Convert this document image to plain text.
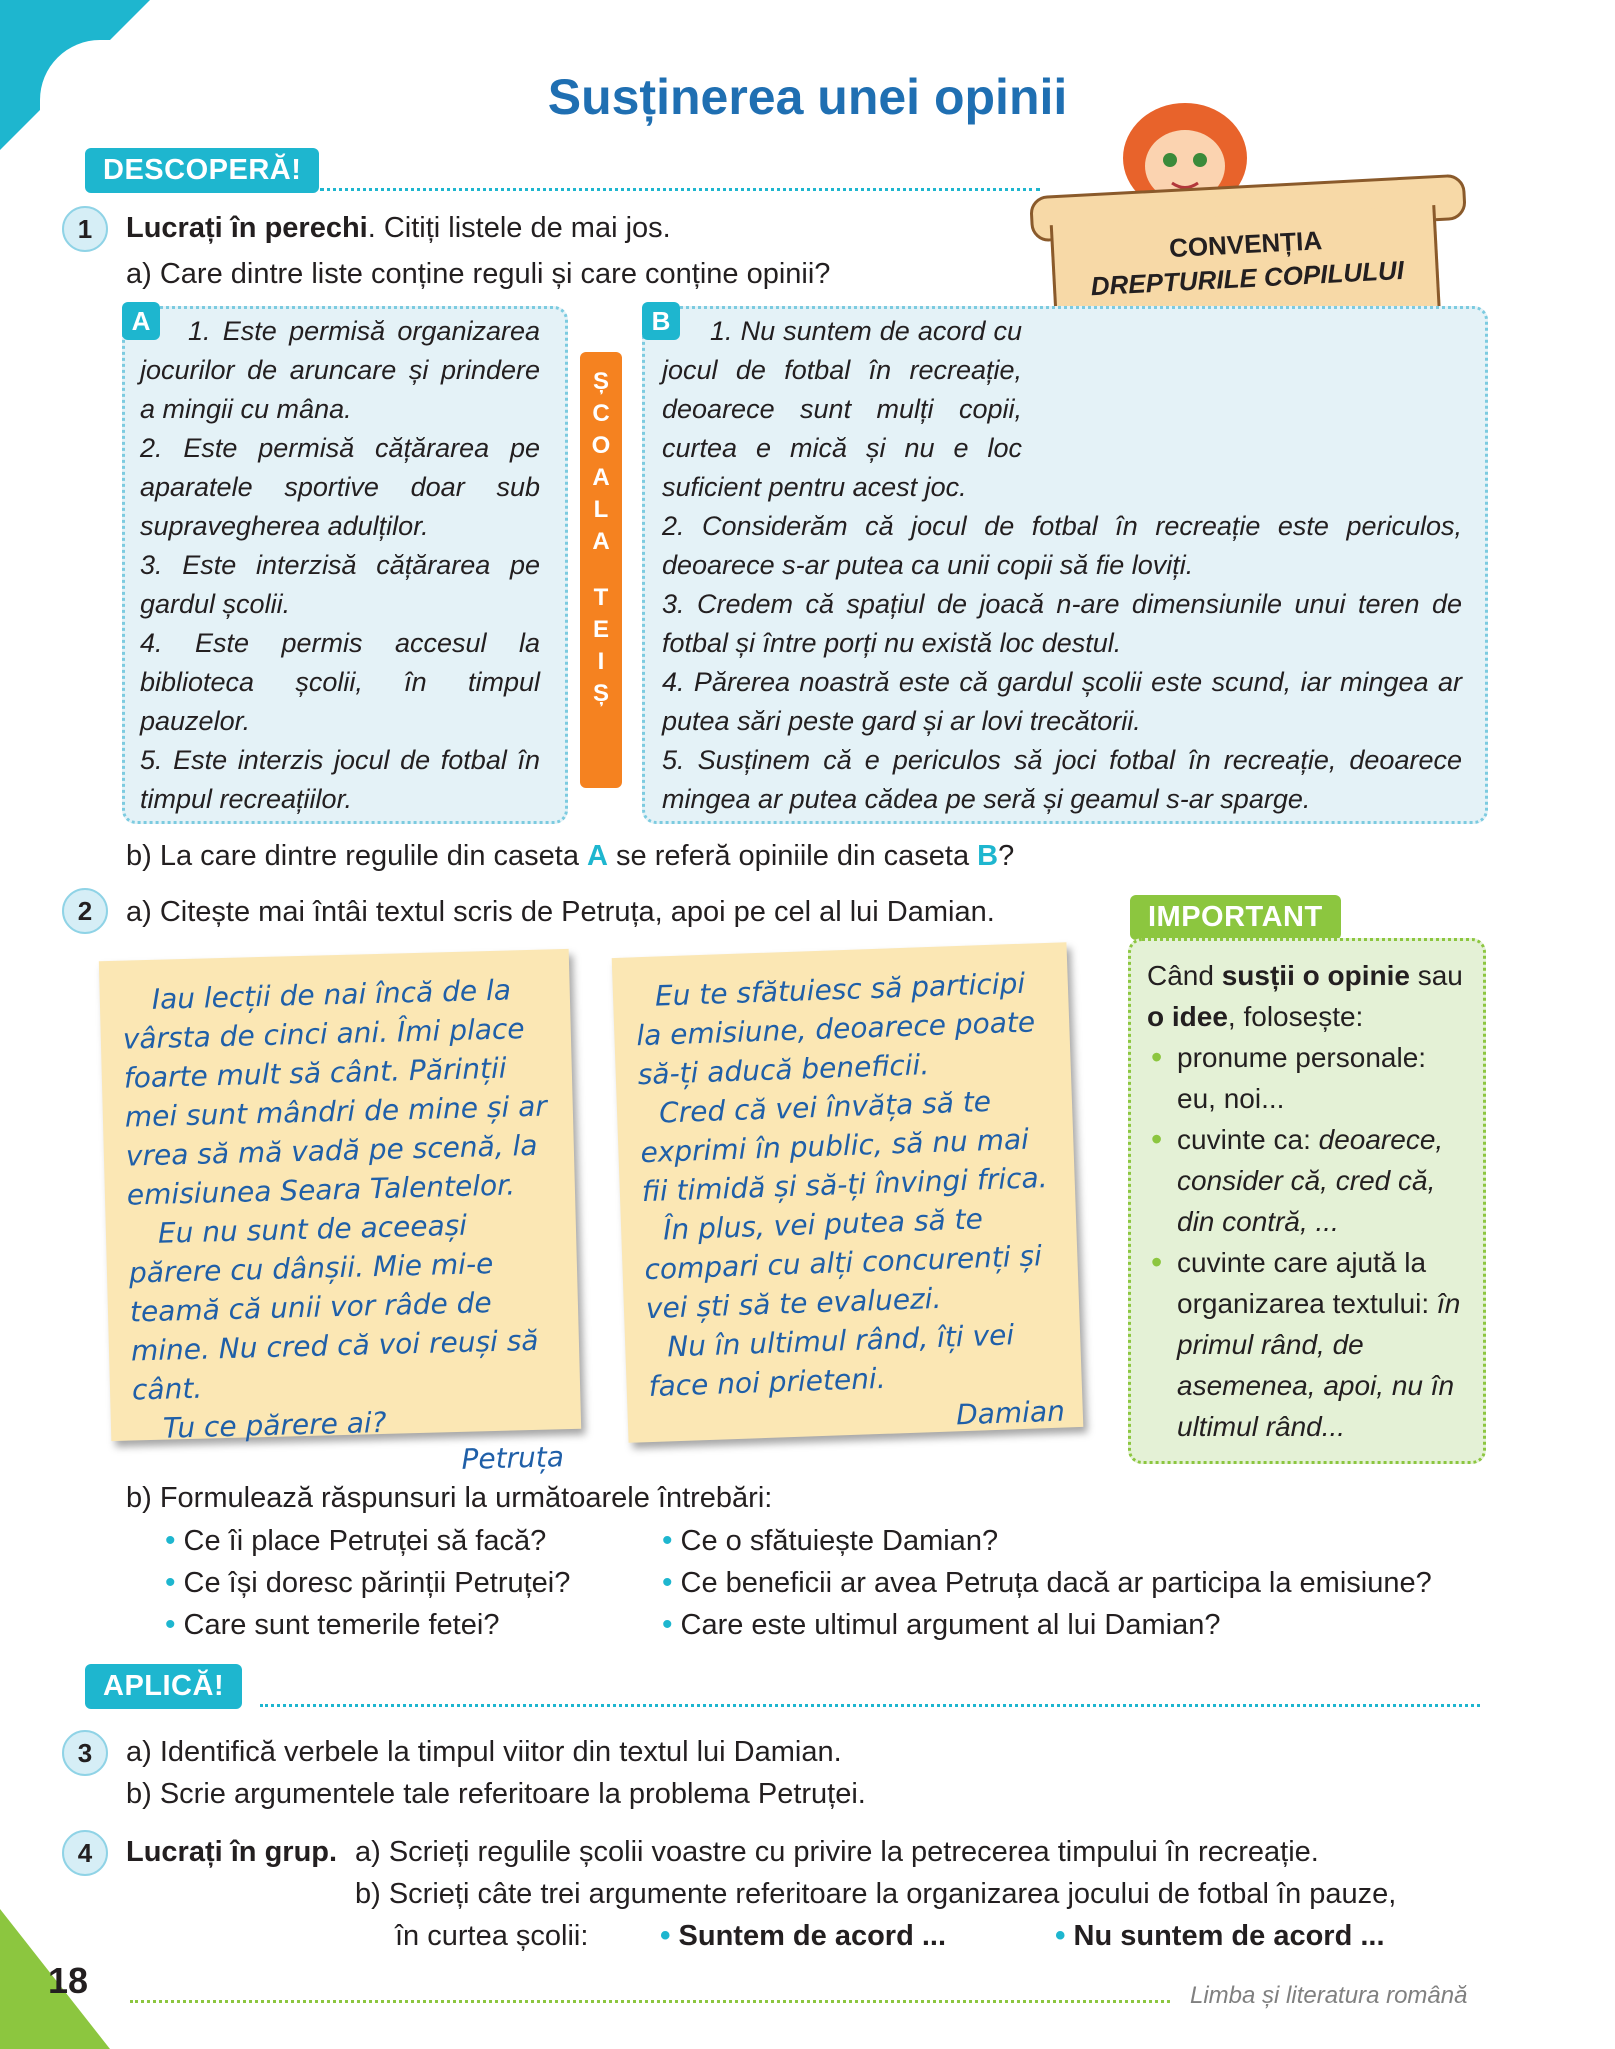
Susținerea unei opinii
CONVENȚIA
DREPTURILE COPILULUI
DESCOPERĂ!
1	Lucrați în perechi. Citiți listele de mai jos.
a) Care dintre liste conține reguli și care conține opinii?
A	1. Este permisă organizarea jocurilor de aruncare și prindere a mingii cu mâna.

2. Este permisă cățărarea pe aparatele sportive doar sub supravegherea adulților.

3. Este interzisă cățărarea pe gardul școlii.

4. Este permis accesul la biblioteca școlii, în timpul pauzelor.

5. Este interzis jocul de fotbal în timpul recreațiilor.

Ș
C
O
A
L
A
T
E
I
Ș
B	1. Nu suntem de acord cu jocul de fotbal în recreație, deoarece sunt mulți copii, curtea e mică și nu e loc suficient pentru acest joc.

2. Considerăm că jocul de fotbal în recreație este periculos, deoarece s-ar putea ca unii copii să fie loviți.

3. Credem că spațiul de joacă n-are dimensiunile unui teren de fotbal și între porți nu există loc destul.

4. Părerea noastră este că gardul școlii este scund, iar mingea ar putea sări peste gard și ar lovi trecătorii.

5. Susținem că e periculos să joci fotbal în recreație, deoarece mingea ar putea cădea pe seră și geamul s-ar sparge.

b) La care dintre regulile din caseta A se referă opiniile din caseta B?
2	a) Citește mai întâi textul scris de Petruța, apoi pe cel al lui Damian.
Iau lecții de nai încă de la vârsta de cinci ani. Îmi place foarte mult să cânt. Părinții mei sunt mândri de mine și ar vrea să mă vadă pe scenă, la emisiunea Seara Talentelor.
Eu nu sunt de aceeași părere cu dânșii. Mie mi-e teamă că unii vor râde de mine. Nu cred că voi reuși să cânt.
Tu ce părere ai?
Petruța
Eu te sfătuiesc să participi la emisiune, deoarece poate să-ți aducă beneficii.
Cred că vei învăța să te exprimi în public, să nu mai fii timidă și să-ți învingi frica.
În plus, vei putea să te compari cu alți concurenți și vei ști să te evaluezi.
Nu în ultimul rând, îți vei face noi prieteni.
Damian
IMPORTANT
Când susții o opinie sau o idee, folosește:
• pronume personale: eu, noi...
• cuvinte ca: deoarece, consider că, cred că, din contră, ...
• cuvinte care ajută la organizarea textului: în primul rând, de asemenea, apoi, nu în ultimul rând...
b) Formulează răspunsuri la următoarele întrebări:
• Ce îi place Petruței să facă?
• Ce își doresc părinții Petruței?
• Care sunt temerile fetei?
• Ce o sfătuiește Damian?
• Ce beneficii ar avea Petruța dacă ar participa la emisiune?
• Care este ultimul argument al lui Damian?
APLICĂ!
3	a) Identifică verbele la timpul viitor din textul lui Damian.
b) Scrie argumentele tale referitoare la problema Petruței.
4	Lucrați în grup. a) Scrieți regulile școlii voastre cu privire la petrecerea timpului în recreație.
b) Scrieți câte trei argumente referitoare la organizarea jocului de fotbal în pauze,
în curtea școlii: • Suntem de acord ...	• Nu suntem de acord ...
18	Limba și literatura română
